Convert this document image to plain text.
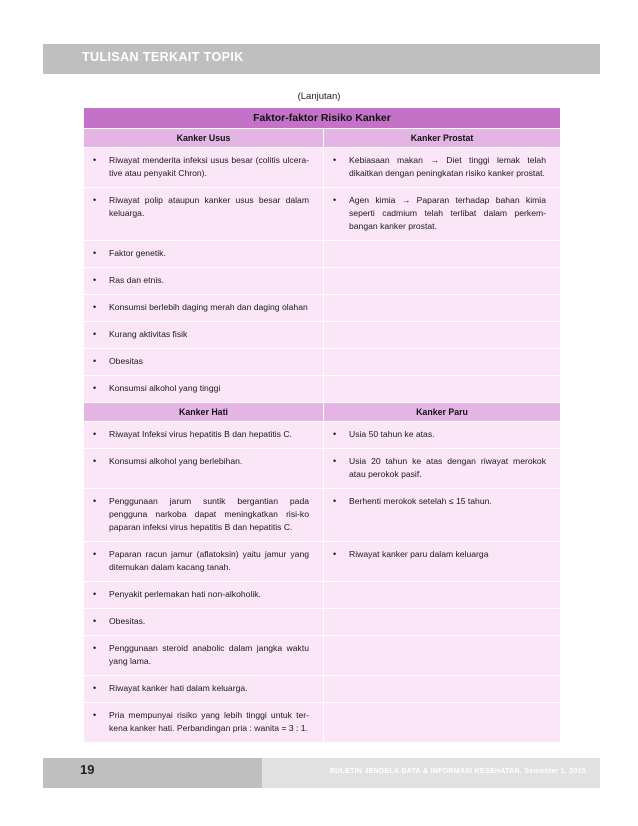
TULISAN TERKAIT TOPIK
(Lanjutan)
Faktor-faktor Risiko Kanker	
Kanker Usus	Kanker Prostat

• Riwayat menderita infeksi usus besar (colitis ulcera-tive atau penyakit Chron).	• Kebiasaan makan → Diet tinggi lemak telah dikaitkan dengan peningkatan risiko kanker prostat.

• Riwayat polip ataupun kanker usus besar dalam keluarga.	• Agen kimia → Paparan terhadap bahan kimia seperti cadmium telah terlibat dalam perkem-bangan kanker prostat.

• Faktor genetik.

• Ras dan etnis.

• Konsumsi berlebih daging merah dan daging olahan

• Kurang aktivitas fisik

• Obesitas

• Konsumsi alkohol yang tinggi

Kanker Hati	Kanker Paru

• Riwayat Infeksi virus hepatitis B dan hepatitis C.	• Usia 50 tahun ke atas.

• Konsumsi alkohol yang berlebihan.	• Usia 20 tahun ke atas dengan riwayat merokok atau perokok pasif.

• Penggunaan jarum suntik bergantian pada pengguna narkoba dapat meningkatkan risi-ko paparan infeksi virus hepatitis B dan hepatitis C.	• Berhenti merokok setelah ≤ 15 tahun.

• Paparan racun jamur (aflatoksin) yaitu jamur yang ditemukan dalam kacang tanah.	• Riwayat kanker paru dalam keluarga

• Penyakit perlemakan hati non-alkoholik.

• Obesitas.

• Penggunaan steroid anabolic dalam jangka waktu yang lama.

• Riwayat kanker hati dalam keluarga.

• Pria mempunyai risiko yang lebih tinggi untuk ter-kena kanker hati. Perbandingan pria : wanita = 3 : 1.

19	BULETIN JENDELA DATA & INFORMASI KESEHATAN, Semester 1, 2015
